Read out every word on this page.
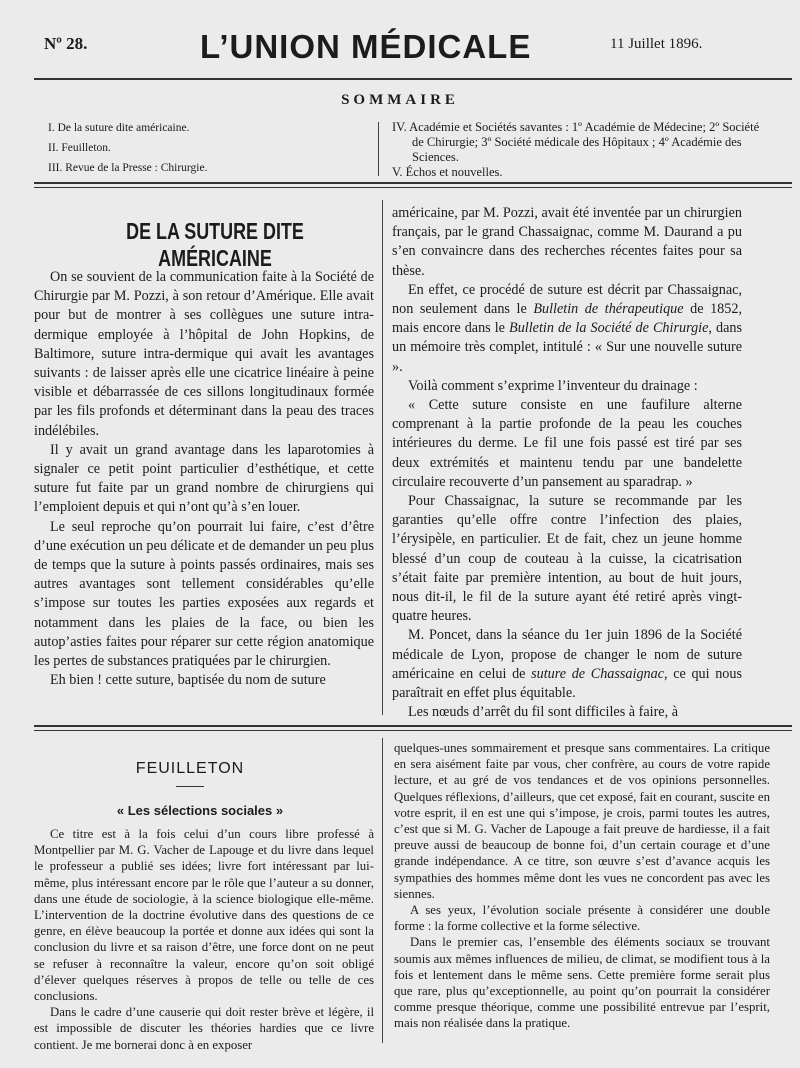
Nº 28.	L’UNION MÉDICALE	11 Juillet 1896.
SOMMAIRE
I. De la suture dite américaine.
II. Feuilleton.
III. Revue de la Presse : Chirurgie.
IV. Académie et Sociétés savantes : 1º Académie de Médecine; 2º Société de Chirurgie; 3º Société médicale des Hôpitaux ; 4º Académie des Sciences.
V. Échos et nouvelles.
DE LA SUTURE DITE AMÉRICAINE

On se souvient de la communication faite à la Société de Chirurgie par M. Pozzi, à son retour d’Amérique. Elle avait pour but de montrer à ses collègues une suture intra-dermique employée à l’hôpital de John Hopkins, de Baltimore, suture intra-dermique qui avait les avantages suivants : de laisser après elle une cicatrice linéaire à peine visible et débarrassée de ces sillons longitudinaux formée par les fils profonds et déterminant dans la peau des traces indélébiles.

Il y avait un grand avantage dans les laparotomies à signaler ce petit point particulier d’esthétique, et cette suture fut faite par un grand nombre de chirurgiens qui l’emploient depuis et qui n’ont qu’à s’en louer.

Le seul reproche qu’on pourrait lui faire, c’est d’être d’une exécution un peu délicate et de demander un peu plus de temps que la suture à points passés ordinaires, mais ses autres avantages sont tellement considérables qu’elle s’impose sur toutes les parties exposées aux regards et notamment dans les plaies de la face, ou bien les autop’asties faites pour réparer sur cette région anatomique les pertes de substances pratiquées par le chirurgien.

Eh bien ! cette suture, baptisée du nom de suture

américaine, par M. Pozzi, avait été inventée par un chirurgien français, par le grand Chassaignac, comme M. Daurand a pu s’en convaincre dans des recherches récentes faites pour sa thèse.

En effet, ce procédé de suture est décrit par Chassaignac, non seulement dans le Bulletin de thérapeutique de 1852, mais encore dans le Bulletin de la Société de Chirurgie, dans un mémoire très complet, intitulé : « Sur une nouvelle suture ».

Voilà comment s’exprime l’inventeur du drainage :

« Cette suture consiste en une faufilure alterne comprenant à la partie profonde de la peau les couches intérieures du derme. Le fil une fois passé est tiré par ses deux extrémités et maintenu tendu par une bandelette circulaire recouverte d’un pansement au sparadrap. »

Pour Chassaignac, la suture se recommande par les garanties qu’elle offre contre l’infection des plaies, l’érysipèle, en particulier. Et de fait, chez un jeune homme blessé d’un coup de couteau à la cuisse, la cicatrisation s’était faite par première intention, au bout de huit jours, nous dit-il, le fil de la suture ayant été retiré après vingt-quatre heures.

M. Poncet, dans la séance du 1er juin 1896 de la Société médicale de Lyon, propose de changer le nom de suture américaine en celui de suture de Chassaignac, ce qui nous paraîtrait en effet plus équitable.

Les nœuds d’arrêt du fil sont difficiles à faire, à

FEUILLETON
« Les sélections sociales »

Ce titre est à la fois celui d’un cours libre professé à Montpellier par M. G. Vacher de Lapouge et du livre dans lequel le professeur a publié ses idées; livre fort intéressant par lui-même, plus intéressant encore par le rôle que l’auteur a su donner, dans une étude de sociologie, à la science biologique elle-même. L’intervention de la doctrine évolutive dans des questions de ce genre, en élève beaucoup la portée et donne aux idées qui sont la conclusion du livre et sa raison d’être, une force dont on ne peut se refuser à reconnaître la valeur, encore qu’on soit obligé d’élever quelques réserves à propos de telle ou telle de ces conclusions.

Dans le cadre d’une causerie qui doit rester brève et légère, il est impossible de discuter les théories hardies que ce livre contient. Je me bornerai donc à en exposer

quelques-unes sommairement et presque sans commentaires. La critique en sera aisément faite par vous, cher confrère, au cours de votre rapide lecture, et au gré de vos tendances et de vos opinions personnelles. Quelques réflexions, d’ailleurs, que cet exposé, fait en courant, suscite en votre esprit, il en est une qui s’impose, je crois, parmi toutes les autres, c’est que si M. G. Vacher de Lapouge a fait preuve de hardiesse, il a fait preuve aussi de beaucoup de bonne foi, d’un certain courage et d’une grande indépendance. A ce titre, son œuvre s’est d’avance acquis les sympathies des hommes même dont les vues ne concordent pas avec les siennes.

A ses yeux, l’évolution sociale présente à considérer une double forme : la forme collective et la forme sélective.

Dans le premier cas, l’ensemble des éléments sociaux se trouvant soumis aux mêmes influences de milieu, de climat, se modifient tous à la fois et lentement dans le même sens. Cette première forme serait plus que rare, plus qu’exceptionnelle, au point qu’on pourrait la considérer comme presque théorique, comme une possibilité entrevue par l’esprit, mais non réalisée dans la pratique.
